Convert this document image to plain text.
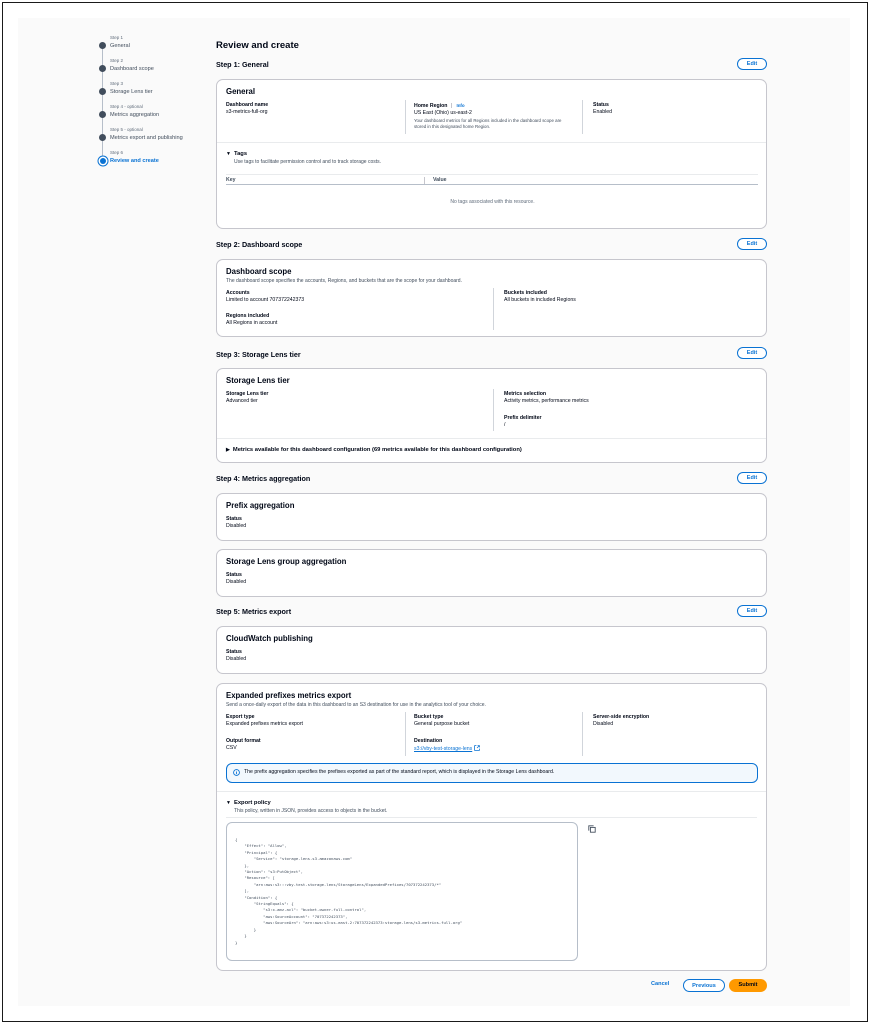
Step 1
General
Step 2
Dashboard scope
Step 3
Storage Lens tier
Step 4 - optional
Metrics aggregation
Step 5 - optional
Metrics export and publishing
Step 6
Review and create
Review and create
Step 1: General	Edit
General
Dashboard name
s3-metrics-full-org
Home Region Info
US East (Ohio) us-east-2
Your dashboard metrics for all Regions included in the dashboard scope are stored in this designated home Region.
Status
Enabled
▼ Tags
Use tags to facilitate permission control and to track storage costs.
Key	Value
No tags associated with this resource.
Step 2: Dashboard scope	Edit
Dashboard scope
The dashboard scope specifies the accounts, Regions, and buckets that are the scope for your dashboard.
Accounts
Limited to account 707372242373
Regions included
All Regions in account
Buckets included
All buckets in included Regions
Step 3: Storage Lens tier	Edit
Storage Lens tier
Storage Lens tier
Advanced tier
Metrics selection
Activity metrics, performance metrics
Prefix delimiter
/
▶ Metrics available for this dashboard configuration (69 metrics available for this dashboard configuration)
Step 4: Metrics aggregation	Edit
Prefix aggregation
Status
Disabled
Storage Lens group aggregation
Status
Disabled
Step 5: Metrics export	Edit
CloudWatch publishing
Status
Disabled
Expanded prefixes metrics export
Send a once-daily export of the data in this dashboard to an S3 destination for use in the analytics tool of your choice.
Export type
Expanded prefixes metrics export
Output format
CSV
Bucket type
General purpose bucket
Destination
s3://vby-test-storage-lens
Server-side encryption
Disabled
The prefix aggregation specifies the prefixes exported as part of the standard report, which is displayed in the Storage Lens dashboard.
▼ Export policy
This policy, written in JSON, provides access to objects in the bucket.
{
"Effect": "Allow",
"Principal": {
"Service": "storage-lens.s3.amazonaws.com"
},
"Action": "s3:PutObject",
"Resource": [
"arn:aws:s3:::vby-test-storage-lens/StorageLens/ExpandedPrefixes/707372242373/*"
],
"Condition": {
"StringEquals": {
"s3:x-amz-acl": "bucket-owner-full-control",
"aws:SourceAccount": "707372242373",
"aws:SourceArn": "arn:aws:s3:us-east-2:707372242373:storage-lens/s3-metrics-full-org"
}
}
}
Cancel	Previous	Submit
